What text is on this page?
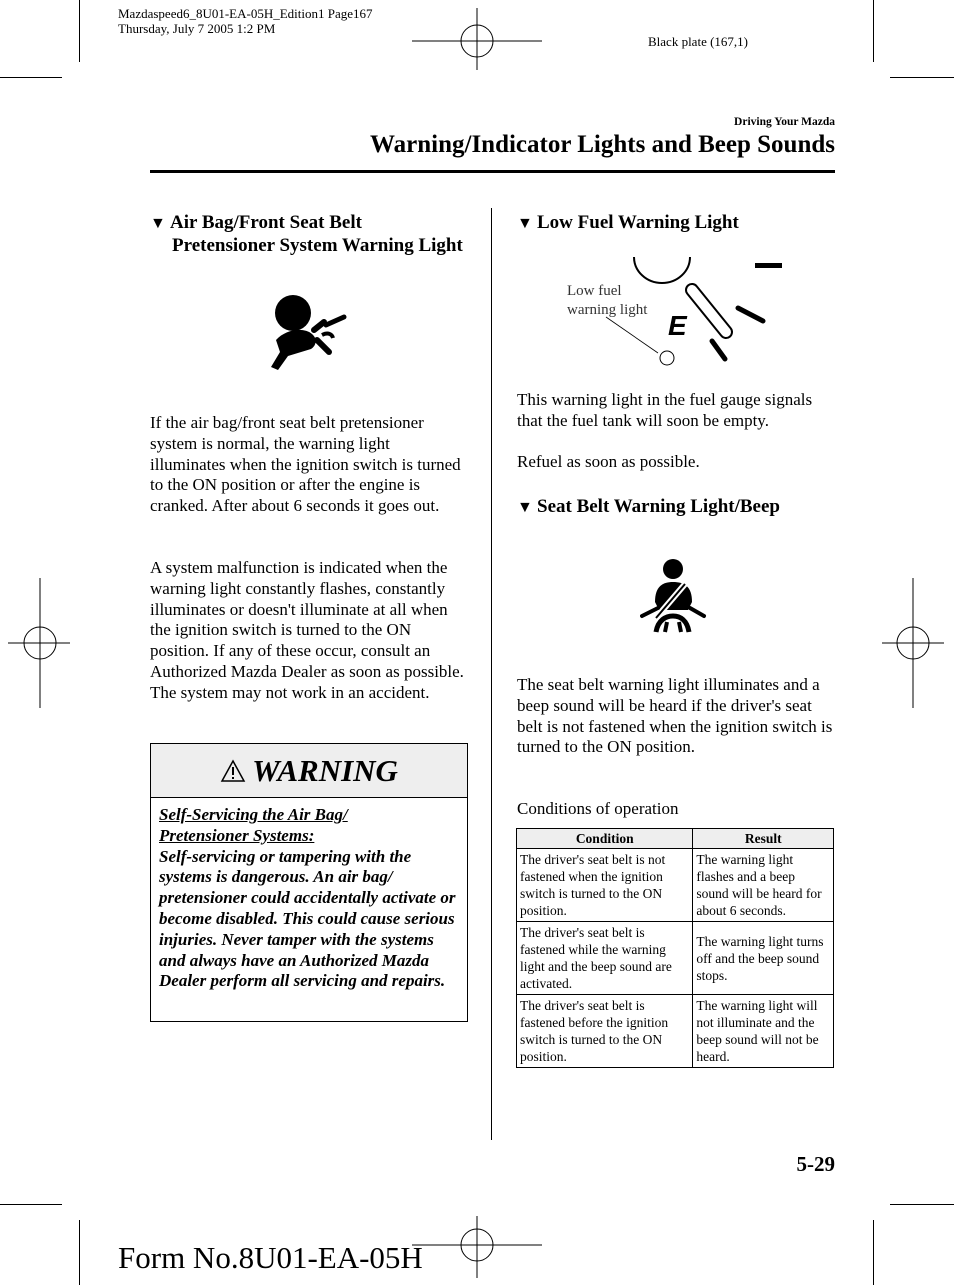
Mazdaspeed6_8U01-EA-05H_Edition1 Page167
Thursday, July 7 2005 1:2 PM
Black plate (167,1)
Driving Your Mazda
Warning/Indicator Lights and Beep Sounds
▼ Air Bag/Front Seat Belt
Pretensioner System Warning Light
If the air bag/front seat belt pretensioner system is normal, the warning light illuminates when the ignition switch is turned to the ON position or after the engine is cranked. After about 6 seconds it goes out.
A system malfunction is indicated when the warning light constantly flashes, constantly illuminates or doesn't illuminate at all when the ignition switch is turned to the ON position. If any of these occur, consult an Authorized Mazda Dealer as soon as possible. The system may not work in an accident.
WARNING
Self-Servicing the Air Bag/
Pretensioner Systems:
Self-servicing or tampering with the systems is dangerous. An air bag/ pretensioner could accidentally activate or become disabled. This could cause serious injuries. Never tamper with the systems and always have an Authorized Mazda Dealer perform all servicing and repairs.
▼ Low Fuel Warning Light
E
Low fuel
warning light
This warning light in the fuel gauge signals that the fuel tank will soon be empty.
Refuel as soon as possible.
▼ Seat Belt Warning Light/Beep
The seat belt warning light illuminates and a beep sound will be heard if the driver's seat belt is not fastened when the ignition switch is turned to the ON position.
Conditions of operation
Condition	Result
The driver's seat belt is not fastened when the ignition switch is turned to the ON position.	The warning light flashes and a beep sound will be heard for about 6 seconds.
The driver's seat belt is fastened while the warning light and the beep sound are activated.	The warning light turns off and the beep sound stops.
The driver's seat belt is fastened before the ignition switch is turned to the ON position.	The warning light will not illuminate and the beep sound will not be heard.
5-29
Form No.8U01-EA-05H
